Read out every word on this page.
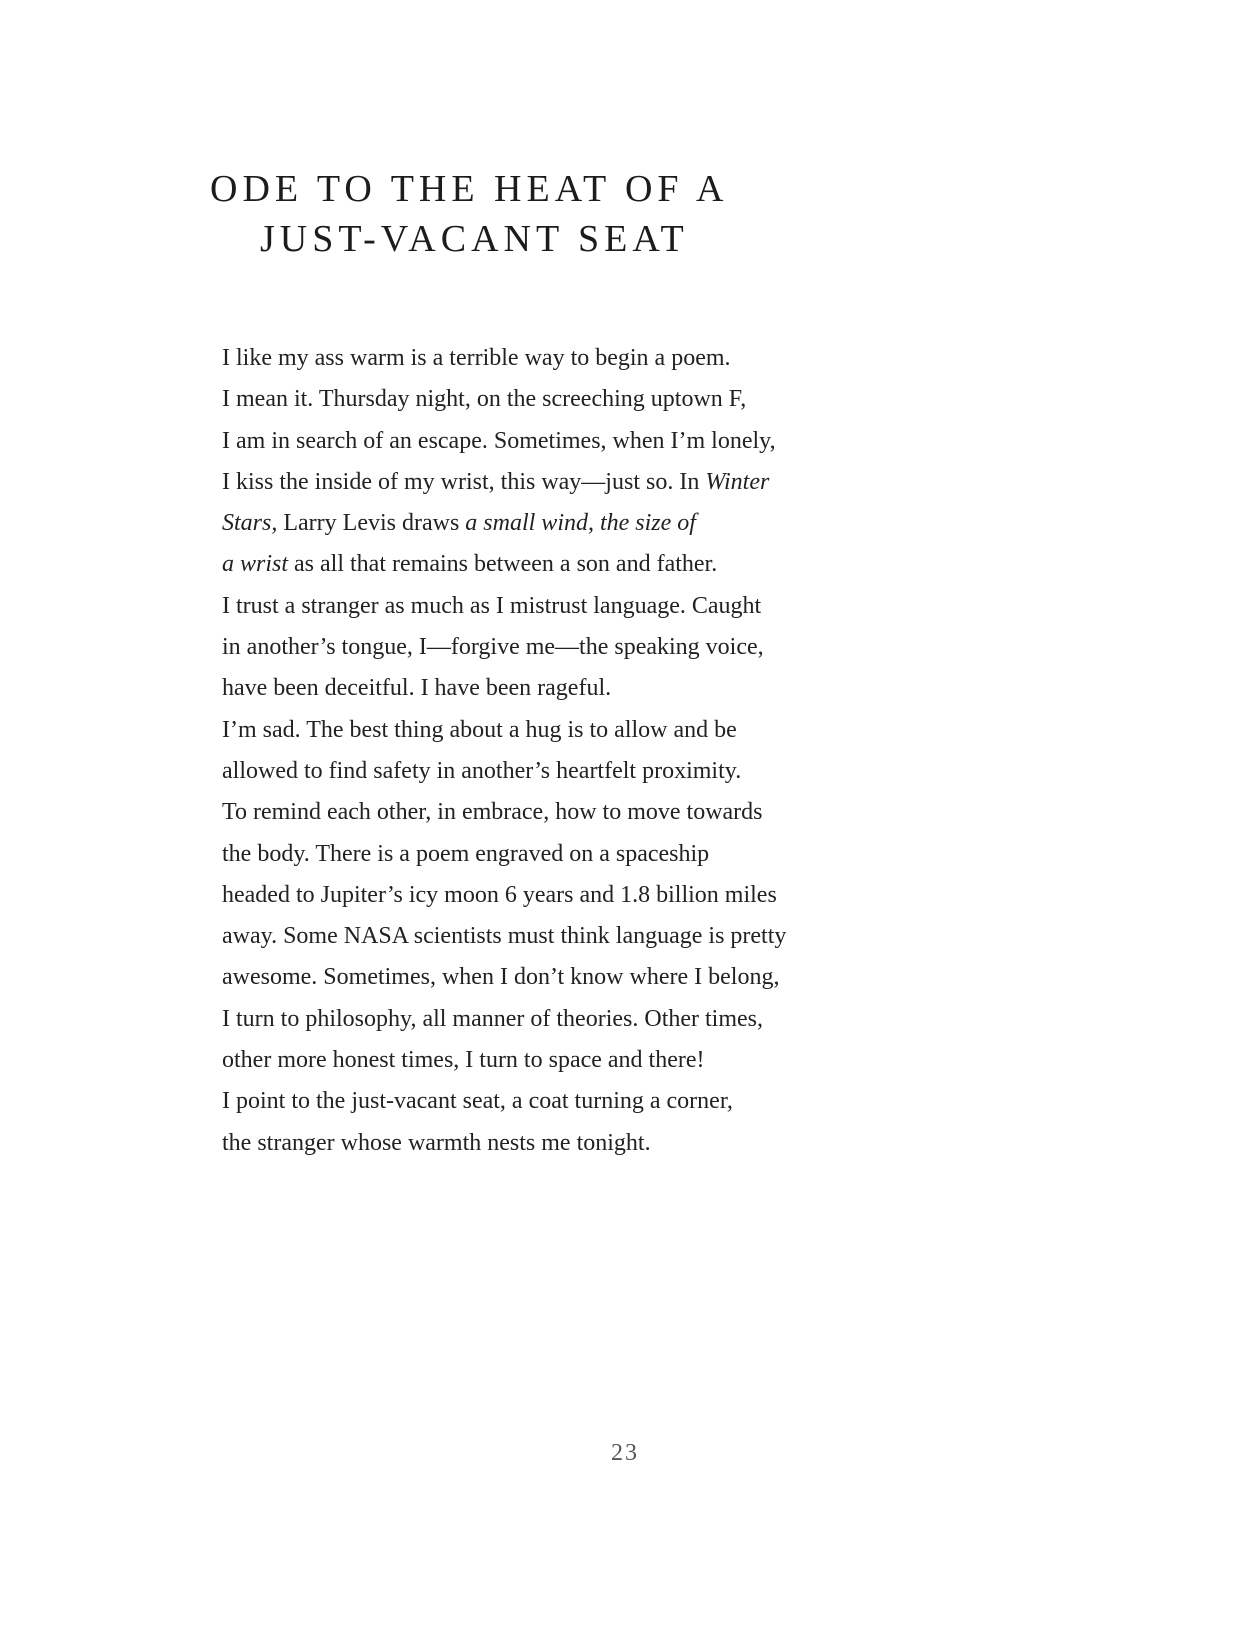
ODE TO THE HEAT OF A
JUST-VACANT SEAT
I like my ass warm is a terrible way to begin a poem.
I mean it. Thursday night, on the screeching uptown F,
I am in search of an escape. Sometimes, when I’m lonely,
I kiss the inside of my wrist, this way—just so. In Winter
Stars, Larry Levis draws a small wind, the size of
a wrist as all that remains between a son and father.
I trust a stranger as much as I mistrust language. Caught
in another’s tongue, I—forgive me—the speaking voice,
have been deceitful. I have been rageful.
I’m sad. The best thing about a hug is to allow and be
allowed to find safety in another’s heartfelt proximity.
To remind each other, in embrace, how to move towards
the body. There is a poem engraved on a spaceship
headed to Jupiter’s icy moon 6 years and 1.8 billion miles
away. Some NASA scientists must think language is pretty
awesome. Sometimes, when I don’t know where I belong,
I turn to philosophy, all manner of theories. Other times,
other more honest times, I turn to space and there!
I point to the just-vacant seat, a coat turning a corner,
the stranger whose warmth nests me tonight.
23
